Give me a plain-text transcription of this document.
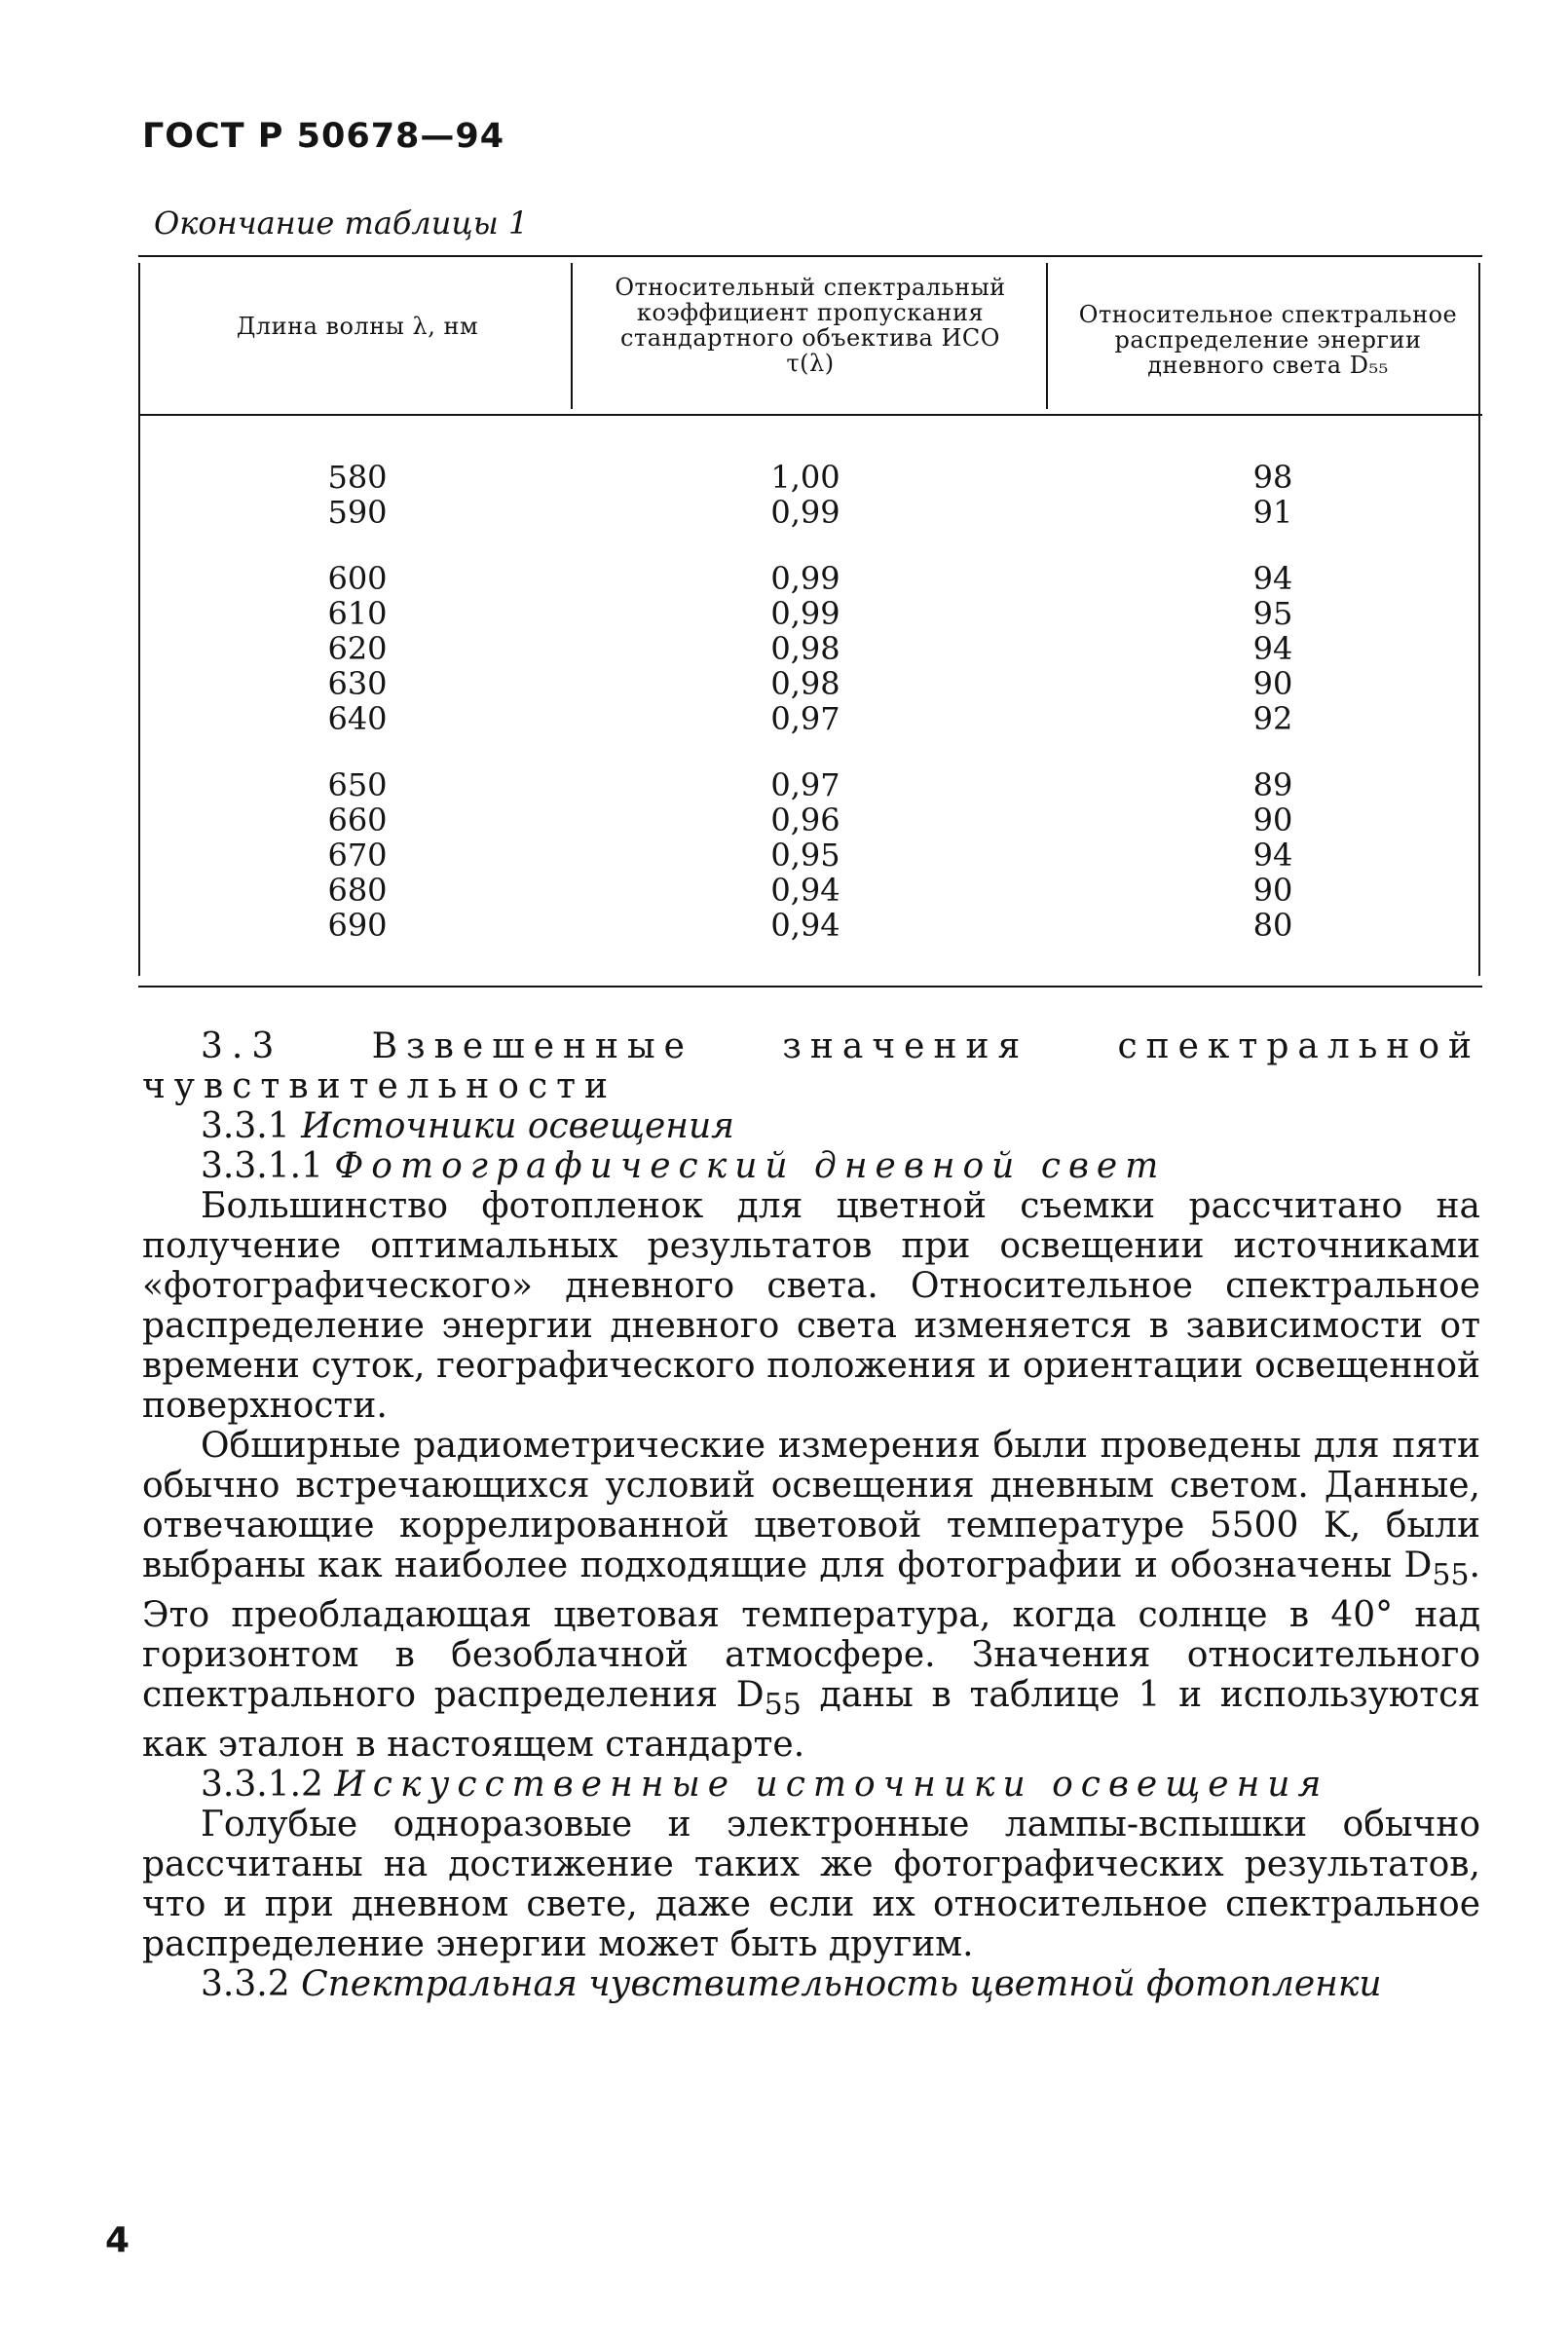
ГОСТ Р 50678—94
Окончание таблицы 1
Длина волны λ, нм
Относительный спектральный коэффициент пропускания стандартного объектива ИСО
τ(λ)
Относительное спектральное распределение энергии дневного света D₅₅
580
590
600
610
620
630
640
650
660
670
680
690
1,00
0,99
0,99
0,99
0,98
0,98
0,97
0,97
0,96
0,95
0,94
0,94
98
91
94
95
94
90
92
89
90
94
90
80

3.3	Взвешенные значения спектральной чувствительности

3.3.1 Источники освещения

3.3.1.1 Фотографический дневной свет

Большинство фотопленок для цветной съемки рассчитано на получение оптимальных результатов при освещении источниками «фотографического» дневного света. Относительное спектральное распределение энергии дневного света изменяется в зависимости от времени суток, географического положения и ориентации освещенной поверхности.

Обширные радиометрические измерения были проведены для пяти обычно встречающихся условий освещения дневным светом. Данные, отвечающие коррелированной цветовой температуре 5500 K, были выбраны как наиболее подходящие для фотографии и обозначены $D_{55}$. Это преобладающая цветовая температура, когда солнце в 40° над горизонтом в безоблачной атмосфере. Значения относительного спектрального распределения $D_{55}$ даны в таблице 1 и используются как эталон в настоящем стандарте.

3.3.1.2 Искусственные источники освещения

Голубые одноразовые и электронные лампы-вспышки обычно рассчитаны на достижение таких же фотографических результатов, что и при дневном свете, даже если их относительное спектральное распределение энергии может быть другим.

3.3.2 Спектральная чувствительность цветной фотопленки

4
